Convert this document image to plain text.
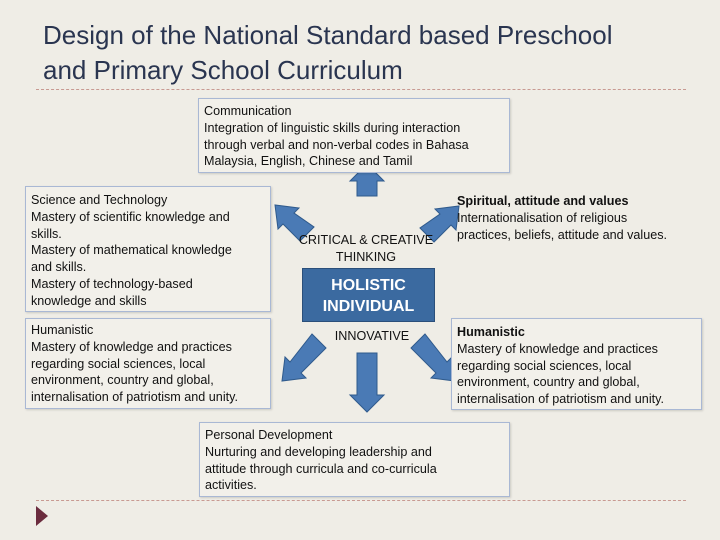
Design of the National Standard based Preschool
and Primary School Curriculum
Communication
Integration of linguistic skills during interaction
through verbal and non-verbal codes in Bahasa
Malaysia, English, Chinese and Tamil
Science and Technology
Mastery of scientific knowledge and
skills.
Mastery of mathematical knowledge
and skills.
Mastery of technology-based
knowledge and skills
Spiritual, attitude and values
Internationalisation of religious
practices, beliefs, attitude and values.
CRITICAL & CREATIVE THINKING
HOLISTIC
INDIVIDUAL
INNOVATIVE
Humanistic
Mastery of knowledge and practices
regarding social sciences, local
environment, country and global,
internalisation of patriotism and unity.
Humanistic
Mastery of knowledge and practices
regarding social sciences, local
environment, country and global,
internalisation of patriotism and unity.
Personal Development
Nurturing and developing leadership and
attitude through curricula and co-curricula
activities.
